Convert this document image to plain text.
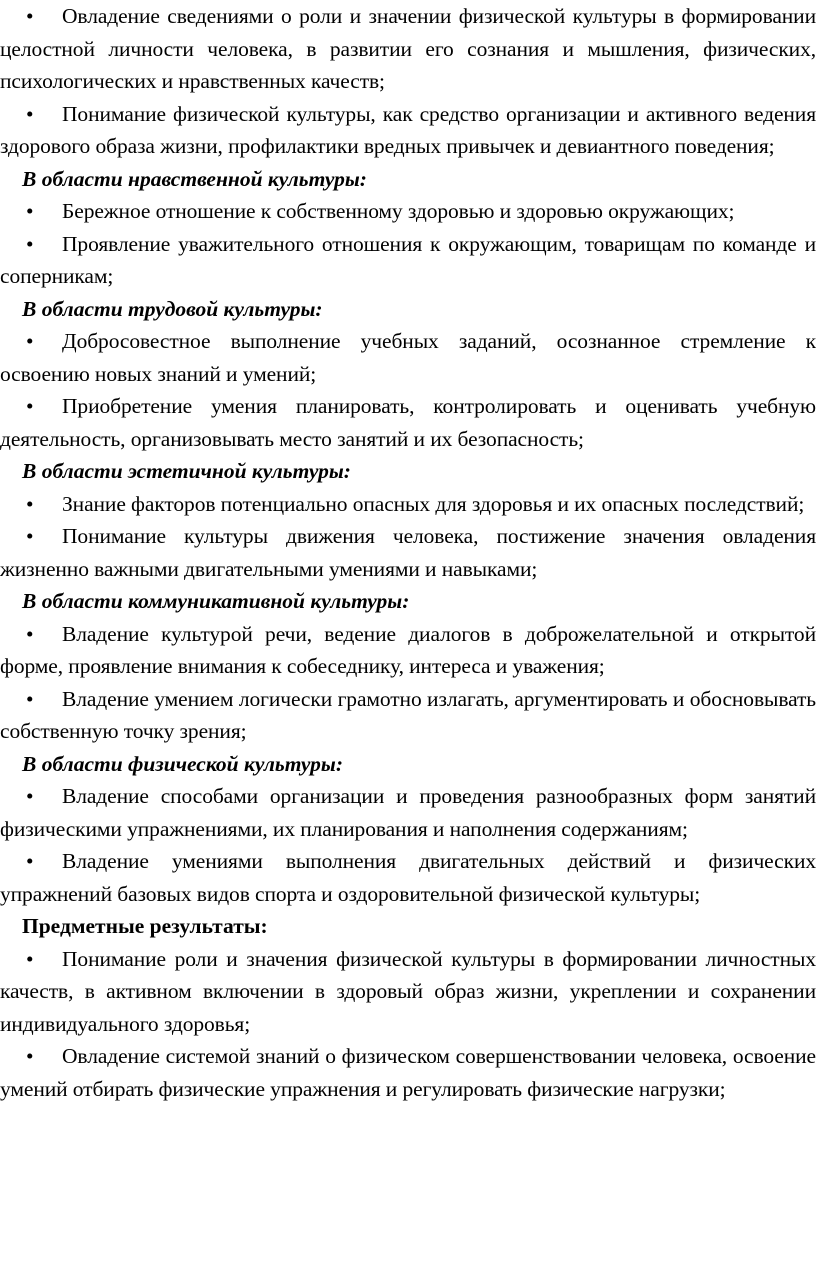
• Овладение сведениями о роли и значении физической культуры в формировании целостной личности человека, в развитии его сознания и мышления, физических, психологических и нравственных качеств;

• Понимание физической культуры, как средство организации и активного ведения здорового образа жизни, профилактики вредных привычек и девиантного поведения;

В области нравственной культуры:

• Бережное отношение к собственному здоровью и здоровью окружающих;

• Проявление уважительного отношения к окружающим, товарищам по команде и соперникам;

В области трудовой культуры:

• Добросовестное выполнение учебных заданий, осознанное стремление к освоению новых знаний и умений;

• Приобретение умения планировать, контролировать и оценивать учебную деятельность, организовывать место занятий и их безопасность;

В области эстетичной культуры:

• Знание факторов потенциально опасных для здоровья и их опасных последствий;

• Понимание культуры движения человека, постижение значения овладения жизненно важными двигательными умениями и навыками;

В области коммуникативной культуры:

• Владение культурой речи, ведение диалогов в доброжелательной и открытой форме, проявление внимания к собеседнику, интереса и уважения;

• Владение умением логически грамотно излагать, аргументировать и обосновывать собственную точку зрения;

В области физической культуры:

• Владение способами организации и проведения разнообразных форм занятий физическими упражнениями, их планирования и наполнения содержаниям;

• Владение умениями выполнения двигательных действий и физических упражнений базовых видов спорта и оздоровительной физической культуры;

Предметные результаты:

• Понимание роли и значения физической культуры в формировании личностных качеств, в активном включении в здоровый образ жизни, укреплении и сохранении индивидуального здоровья;

• Овладение системой знаний о физическом совершенствовании человека, освоение умений отбирать физические упражнения и регулировать физические нагрузки;
